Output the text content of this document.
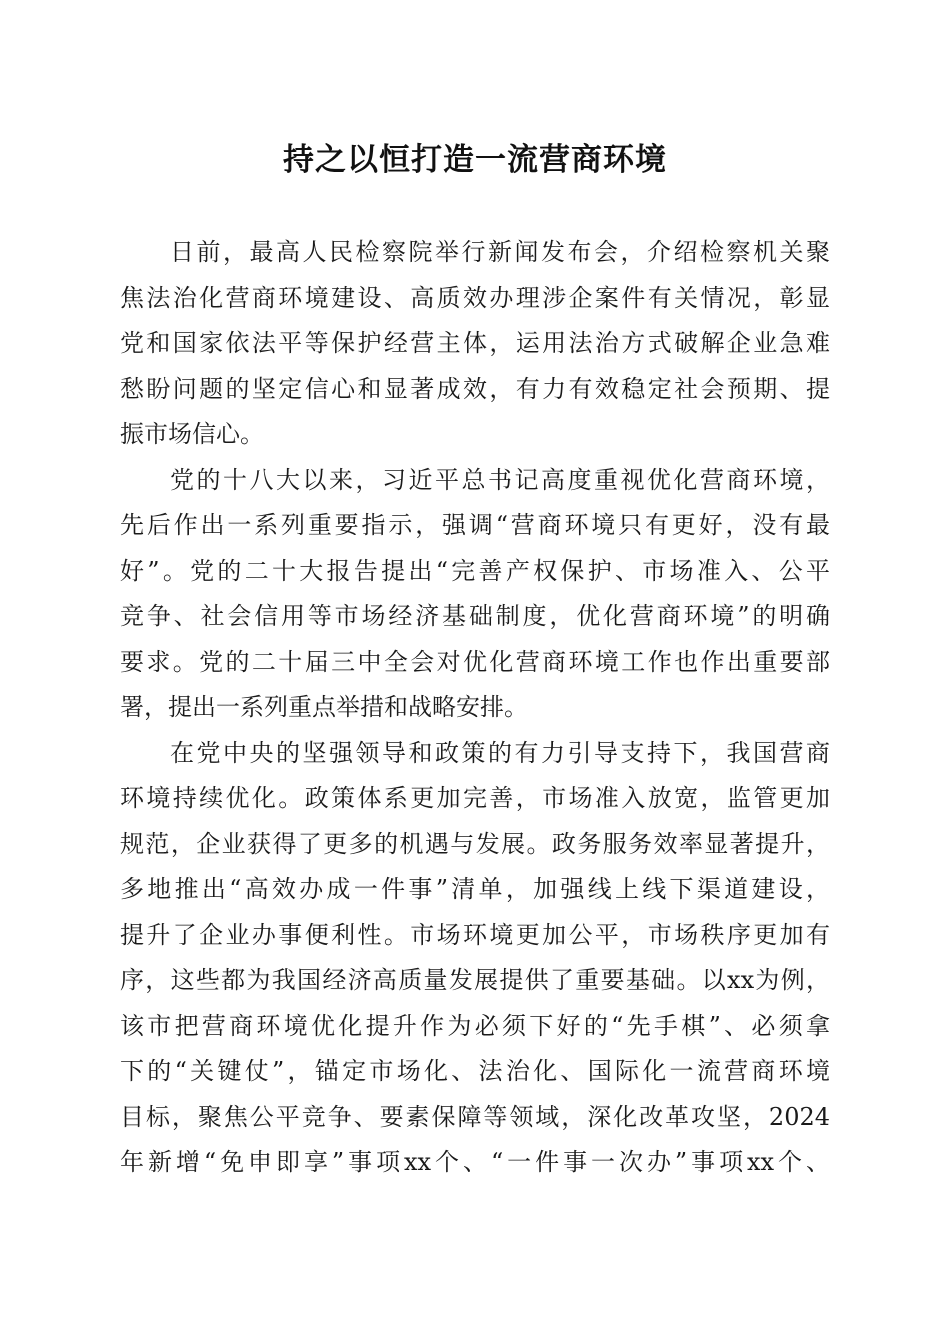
持之以恒打造一流营商环境

日前，最高人民检察院举行新闻发布会，介绍检察机关聚

焦法治化营商环境建设、高质效办理涉企案件有关情况，彰显

党和国家依法平等保护经营主体，运用法治方式破解企业急难

愁盼问题的坚定信心和显著成效，有力有效稳定社会预期、提

振市场信心。

党的十八大以来，习近平总书记高度重视优化营商环境，

先后作出一系列重要指示，强调“营商环境只有更好，没有最

好”。党的二十大报告提出“完善产权保护、市场准入、公平

竞争、社会信用等市场经济基础制度，优化营商环境”的明确

要求。党的二十届三中全会对优化营商环境工作也作出重要部

署，提出一系列重点举措和战略安排。

在党中央的坚强领导和政策的有力引导支持下，我国营商

环境持续优化。政策体系更加完善，市场准入放宽，监管更加

规范，企业获得了更多的机遇与发展。政务服务效率显著提升，

多地推出“高效办成一件事”清单，加强线上线下渠道建设，

提升了企业办事便利性。市场环境更加公平，市场秩序更加有

序，这些都为我国经济高质量发展提供了重要基础。以xx为例，

该市把营商环境优化提升作为必须下好的“先手棋”、必须拿

下的“关键仗”，锚定市场化、法治化、国际化一流营商环境

目标，聚焦公平竞争、要素保障等领域，深化改革攻坚，2024

年新增“免申即享”事项xx个、“一件事一次办”事项xx个、
